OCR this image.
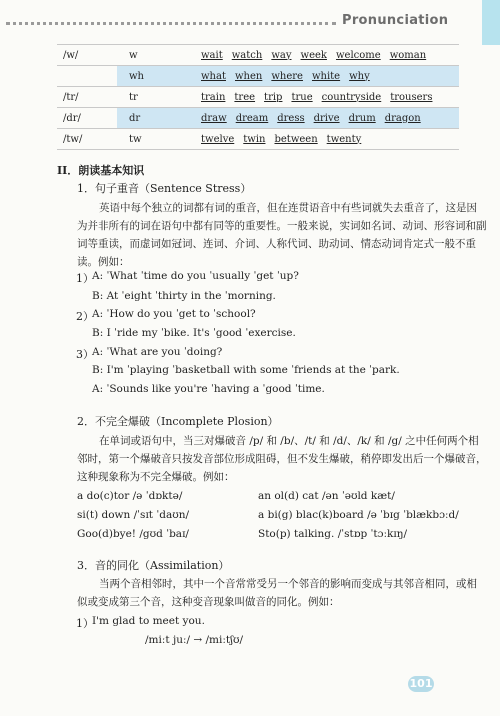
Pronunciation
/w/	w	wait watch way week welcome woman
	wh	what when where white why
/tr/	tr	train tree trip true countryside trousers
/dr/	dr	draw dream dress drive drum dragon
/tw/	tw	twelve twin between twenty
II．朗读基本知识
1．句子重音（Sentence Stress）
英语中每个独立的词都有词的重音，但在连贯语音中有些词就失去重音了，这是因为并非所有的词在语句中都有同等的重要性。一般来说，实词如名词、动词、形容词和副词等重读，而虚词如冠词、连词、介词、人称代词、助动词、情态动词肯定式一般不重读。例如：
1）
A: ˈWhat ˈtime do you ˈusually ˈget ˈup?
B: At ˈeight ˈthirty in the ˈmorning.
2）
A: ˈHow do you ˈget to ˈschool?
B: I ˈride my ˈbike. It's ˈgood ˈexercise.
3）
A: ˈWhat are you ˈdoing?
B: I'm ˈplaying ˈbasketball with some ˈfriends at the ˈpark.
A: ˈSounds like you're ˈhaving a ˈgood ˈtime.
2．不完全爆破（Incomplete Plosion）
在单词或语句中，当三对爆破音 /p/ 和 /b/、/t/ 和 /d/、/k/ 和 /g/ 之中任何两个相邻时，第一个爆破音只按发音部位形成阻碍，但不发生爆破，稍停即发出后一个爆破音，这种现象称为不完全爆破。例如：
a do(c)tor /ə ˈdɒktə/	an ol(d) cat /ən ˈəʊld kæt/
si(t) down /ˈsɪt ˈdaʊn/	a bi(g) blac(k)board /ə ˈbɪg ˈblækbɔːd/
Goo(d)bye! /gʊd ˈbaɪ/	Sto(p) talking. /ˈstɒp ˈtɔːkɪŋ/
3．音的同化（Assimilation）
当两个音相邻时，其中一个音常常受另一个邻音的影响而变成与其邻音相同，或相似或变成第三个音，这种变音现象叫做音的同化。例如：
1）
I'm glad to meet you.
/miːt juː/ → /miːtʃʊ/
101
